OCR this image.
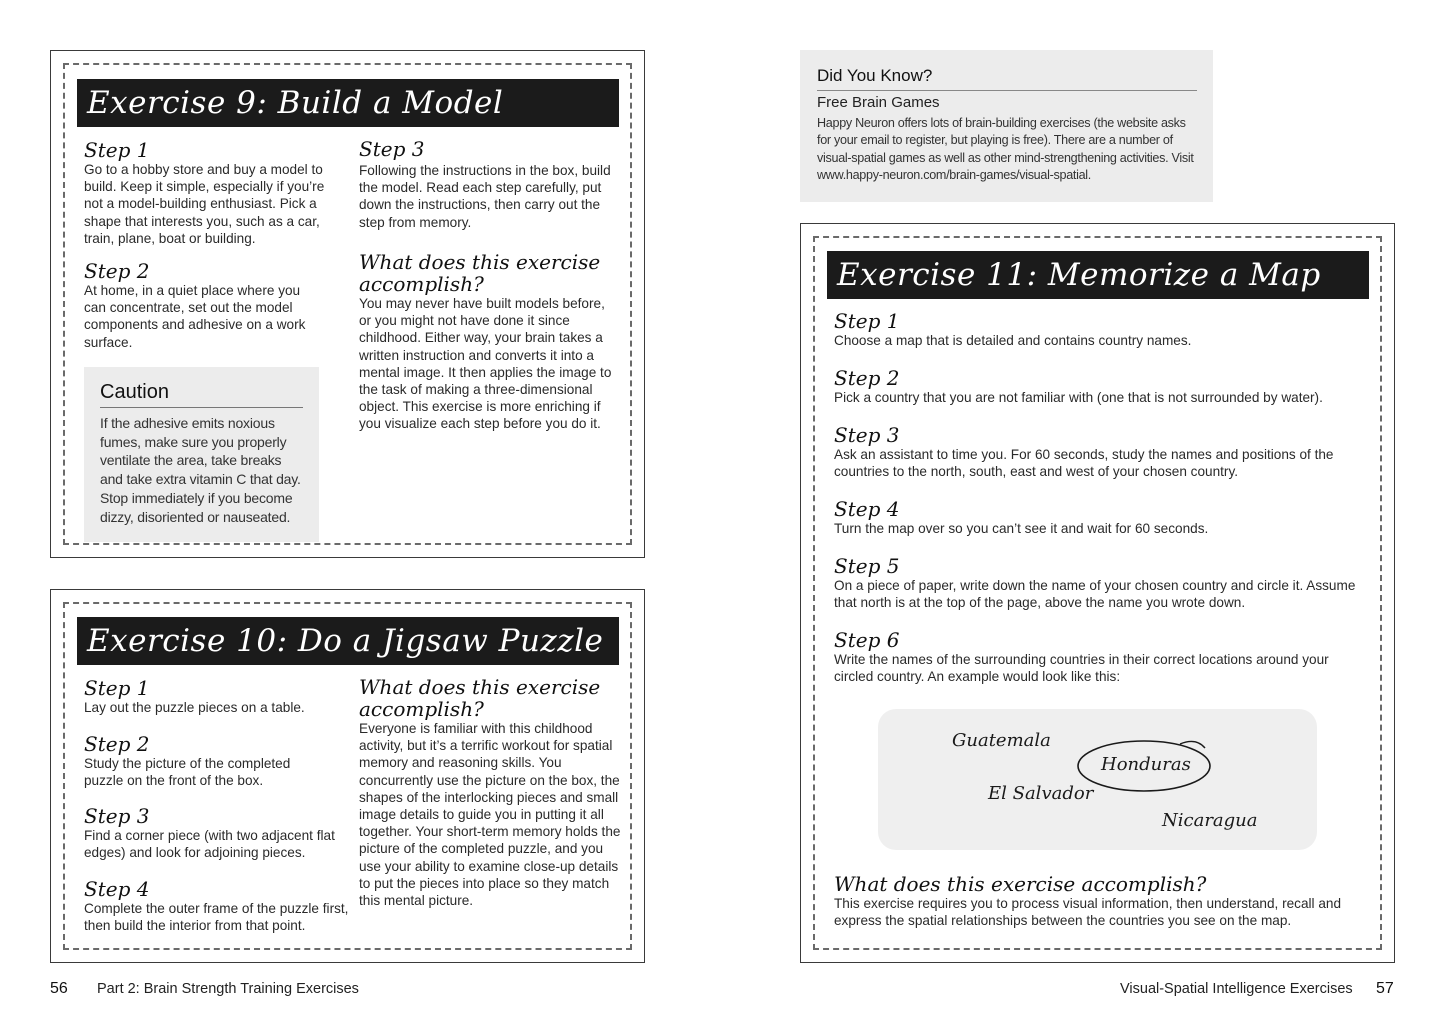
Exercise 9: Build a Model

Step 1

Go to a hobby store and buy a model to build. Keep it simple, especially if you’re not a model-building enthusiast. Pick a shape that interests you, such as a car, train, plane, boat or building.

Step 2

At home, in a quiet place where you can concentrate, set out the model components and adhesive on a work surface.

Caution
If the adhesive emits noxious fumes, make sure you properly ventilate the area, take breaks and take extra vitamin C that day. Stop immediately if you become dizzy, disoriented or nauseated.

Step 3

Following the instructions in the box, build the model. Read each step carefully, put down the instructions, then carry out the step from memory.

What does this exercise accomplish?

You may never have built models before, or you might not have done it since childhood. Either way, your brain takes a written instruction and converts it into a mental image. It then applies the image to the task of making a three-dimensional object. This exercise is more enriching if you visualize each step before you do it.

Exercise 10: Do a Jigsaw Puzzle

Step 1

Lay out the puzzle pieces on a table.

Step 2

Study the picture of the completed puzzle on the front of the box.

Step 3

Find a corner piece (with two adjacent flat edges) and look for adjoining pieces.

Step 4

Complete the outer frame of the puzzle first, then build the interior from that point.

What does this exercise accomplish?

Everyone is familiar with this childhood activity, but it’s a terrific workout for spatial memory and reasoning skills. You concurrently use the picture on the box, the shapes of the interlocking pieces and small image details to guide you in putting it all together. Your short-term memory holds the picture of the completed puzzle, and you use your ability to examine close-up details to put the pieces into place so they match this mental picture.

Did You Know?
Free Brain Games
Happy Neuron offers lots of brain-building exercises (the website asks for your email to register, but playing is free). There are a number of visual-spatial games as well as other mind-strengthening activities. Visit www.happy-neuron.com/brain-games/visual-spatial.
Exercise 11: Memorize a Map

Step 1

Choose a map that is detailed and contains country names.

Step 2

Pick a country that you are not familiar with (one that is not surrounded by water).

Step 3

Ask an assistant to time you. For 60 seconds, study the names and positions of the countries to the north, south, east and west of your chosen country.

Step 4

Turn the map over so you can’t see it and wait for 60 seconds.

Step 5

On a piece of paper, write down the name of your chosen country and circle it. Assume that north is at the top of the page, above the name you wrote down.

Step 6

Write the names of the surrounding countries in their correct locations around your circled country. An example would look like this:

What does this exercise accomplish?

This exercise requires you to process visual information, then understand, recall and express the spatial relationships between the countries you see on the map.

Guatemala
Honduras
El Salvador
Nicaragua
56 Part 2: Brain Strength Training Exercises	Visual-Spatial Intelligence Exercises 57
